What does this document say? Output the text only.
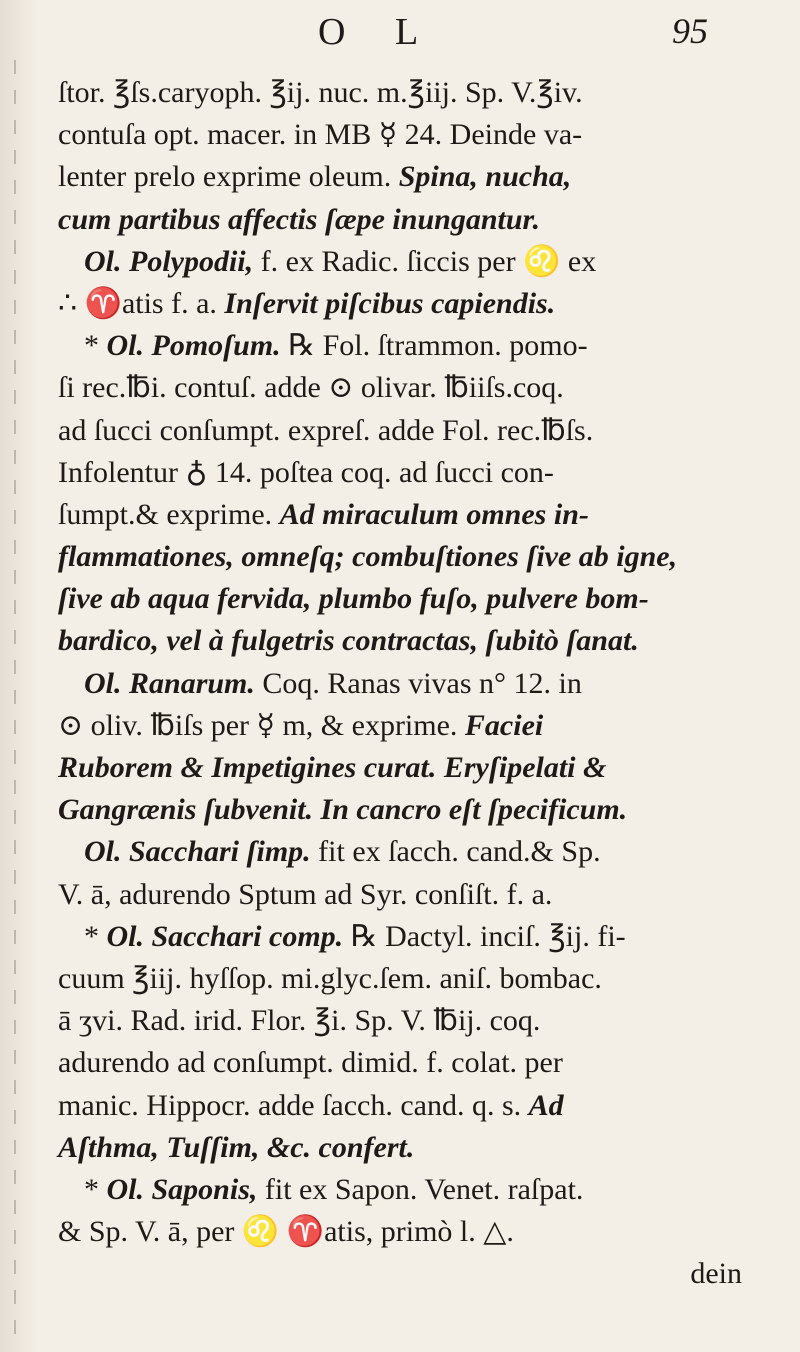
O L	95
ſtor. ℥ſs.caryoph. ℥ij. nuc. m.℥iij. Sp. V.℥iv.
contuſa opt. macer. in MB ☿ 24. Deinde va-
lenter prelo exprime oleum. Spina, nucha,
cum partibus affectis ſæpe inungantur.
Ol. Polypodii, f. ex Radic. ſiccis per ♌ ex
∴ ♈atis f. a. Inſervit piſcibus capiendis.
* Ol. Pomoſum. ℞ Fol. ſtrammon. pomo-
ſi rec.℔i. contuſ. adde ⊙ olivar. ℔iiſs.coq.
ad ſucci conſumpt. expreſ. adde Fol. rec.℔ſs.
Infolentur ♁ 14. poſtea coq. ad ſucci con-
ſumpt.& exprime. Ad miraculum omnes in-
flammationes, omneſq; combuſtiones ſive ab igne,
ſive ab aqua fervida, plumbo fuſo, pulvere bom-
bardico, vel à fulgetris contractas, ſubitò ſanat.
Ol. Ranarum. Coq. Ranas vivas n° 12. in
⊙ oliv. ℔iſs per ☿ m, & exprime. Faciei
Ruborem & Impetigines curat. Eryſipelati &
Gangrænis ſubvenit. In cancro eſt ſpecificum.
Ol. Sacchari ſimp. fit ex ſacch. cand.& Sp.
V. ā, adurendo Sptum ad Syr. conſiſt. f. a.
* Ol. Sacchari comp. ℞ Dactyl. inciſ. ℥ij. fi-
cuum ℥iij. hyſſop. mi.glyc.ſem. aniſ. bombac.
ā ʒvi. Rad. irid. Flor. ℥i. Sp. V. ℔ij. coq.
adurendo ad conſumpt. dimid. f. colat. per
manic. Hippocr. adde ſacch. cand. q. s. Ad
Aſthma, Tuſſim, &c. confert.
* Ol. Saponis, fit ex Sapon. Venet. raſpat.
& Sp. V. ā, per ♌ ♈atis, primò l. △.
dein
